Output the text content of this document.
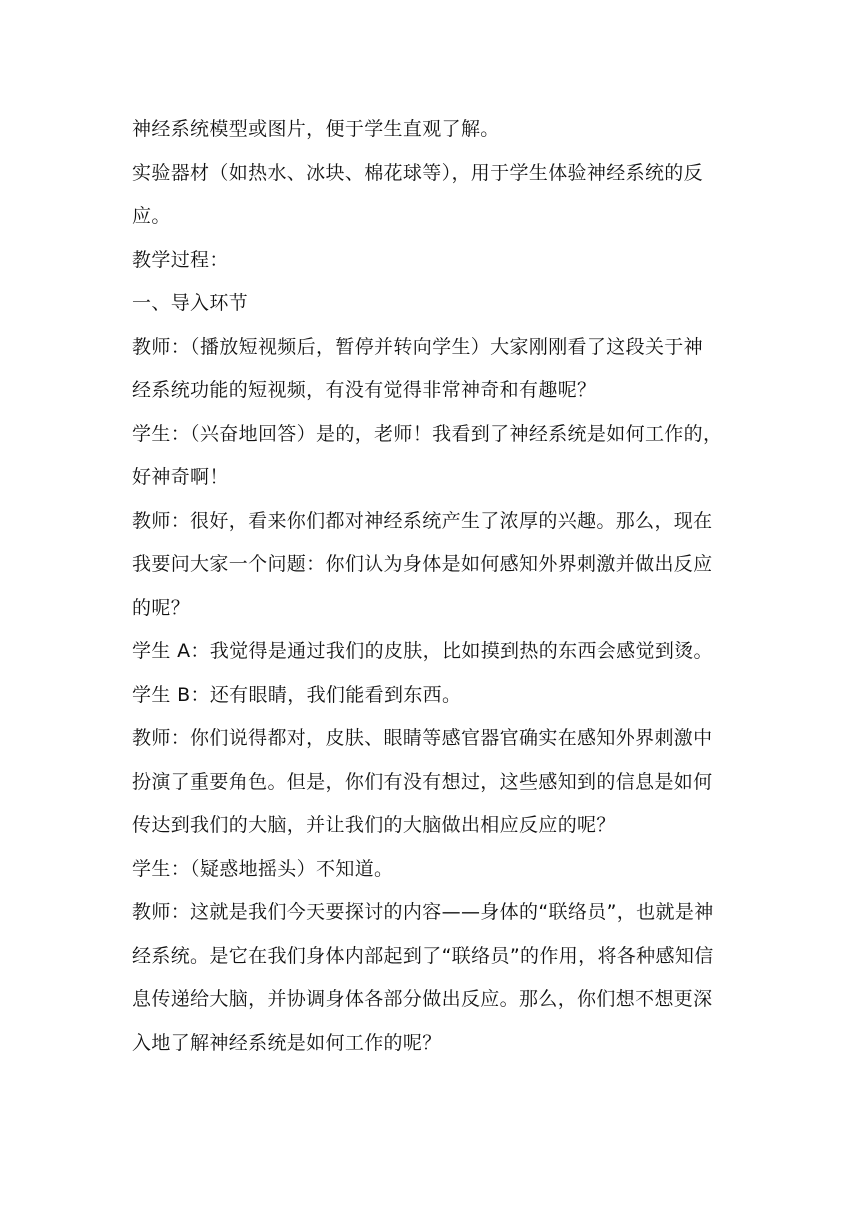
神经系统模型或图片，便于学生直观了解。

实验器材（如热水、冰块、棉花球等），用于学生体验神经系统的反
应。

教学过程：

一、导入环节

教师：（播放短视频后，暂停并转向学生）大家刚刚看了这段关于神
经系统功能的短视频，有没有觉得非常神奇和有趣呢？

学生：（兴奋地回答）是的，老师！我看到了神经系统是如何工作的，
好神奇啊！

教师：很好，看来你们都对神经系统产生了浓厚的兴趣。那么，现在
我要问大家一个问题：你们认为身体是如何感知外界刺激并做出反应
的呢？

学生 A：我觉得是通过我们的皮肤，比如摸到热的东西会感觉到烫。

学生 B：还有眼睛，我们能看到东西。

教师：你们说得都对，皮肤、眼睛等感官器官确实在感知外界刺激中
扮演了重要角色。但是，你们有没有想过，这些感知到的信息是如何
传达到我们的大脑，并让我们的大脑做出相应反应的呢？

学生：（疑惑地摇头）不知道。

教师：这就是我们今天要探讨的内容——身体的“联络员”，也就是神
经系统。是它在我们身体内部起到了“联络员”的作用，将各种感知信
息传递给大脑，并协调身体各部分做出反应。那么，你们想不想更深
入地了解神经系统是如何工作的呢？
